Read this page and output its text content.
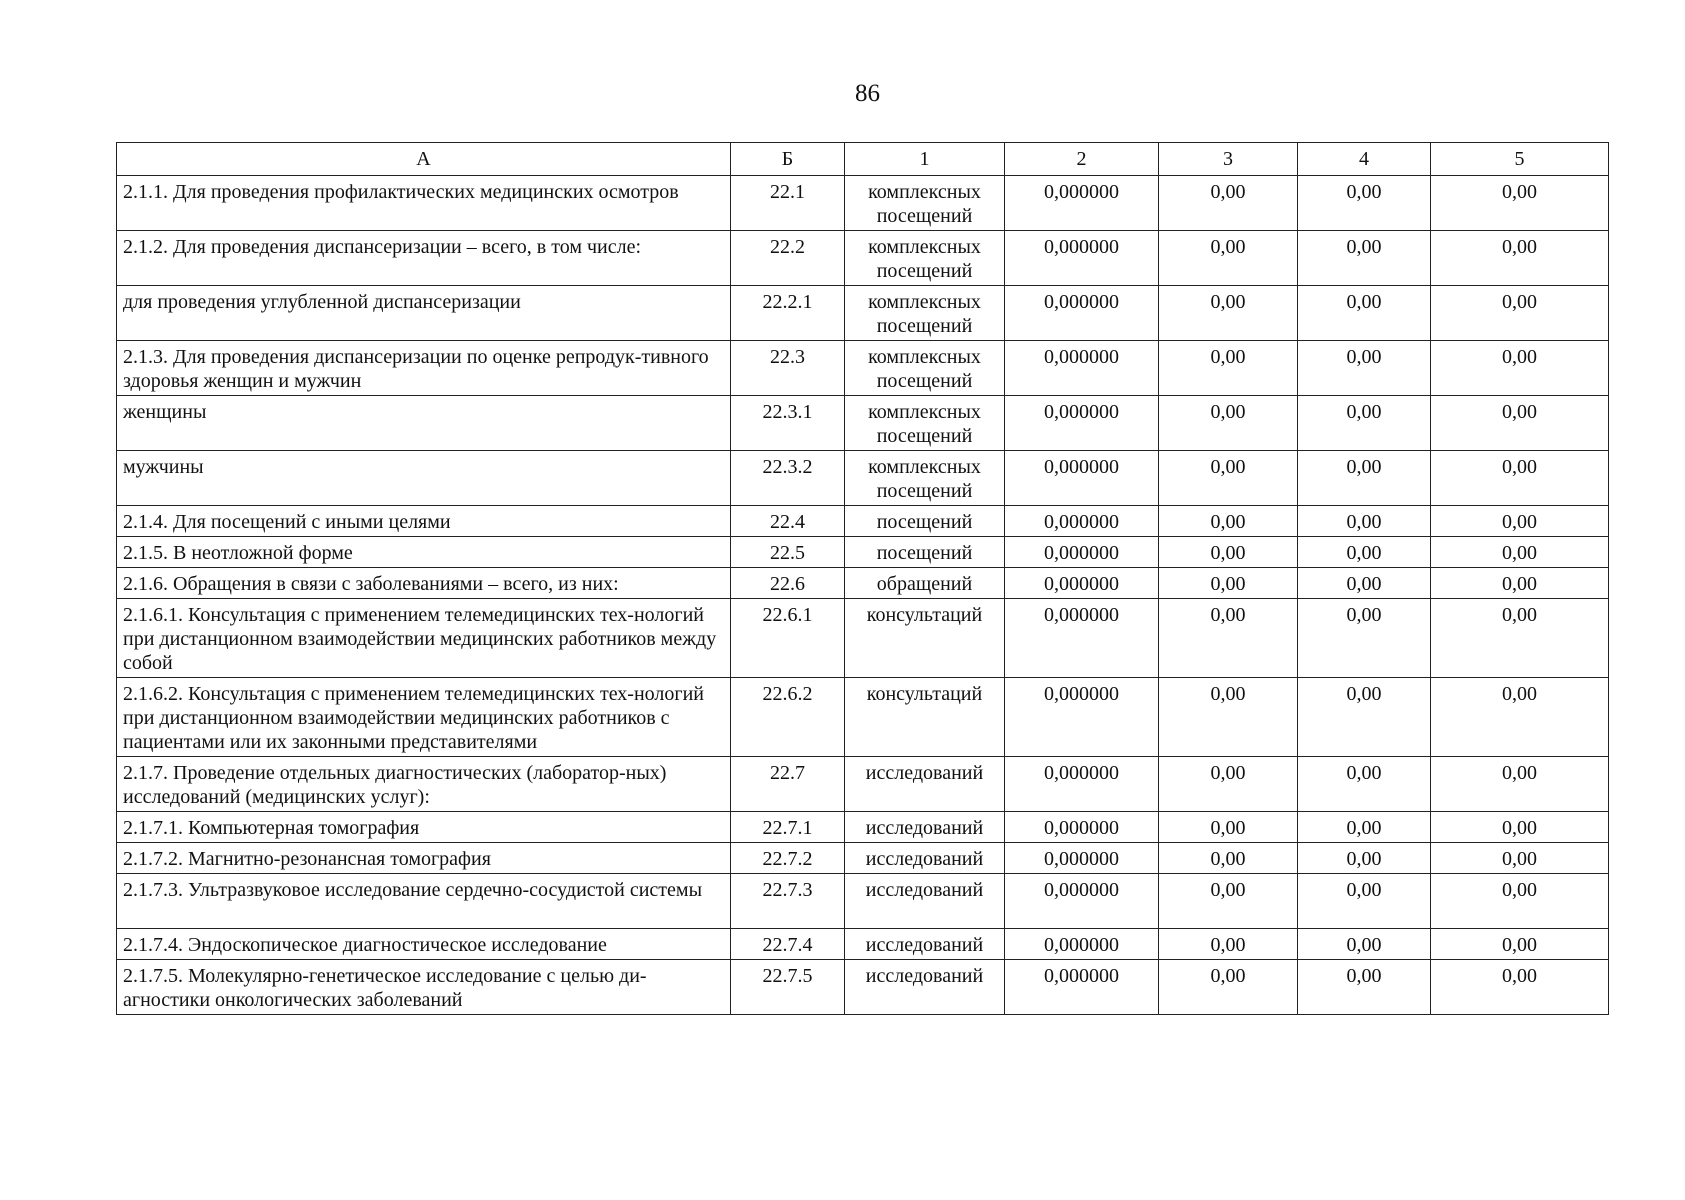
86
А	Б	1	2	3	4	5
2.1.1. Для проведения профилактических медицинских осмотров	22.1	комплексных посещений	0,000000	0,00	0,00	0,00
2.1.2. Для проведения диспансеризации – всего, в том числе:	22.2	комплексных посещений	0,000000	0,00	0,00	0,00
для проведения углубленной диспансеризации	22.2.1	комплексных посещений	0,000000	0,00	0,00	0,00
2.1.3. Для проведения диспансеризации по оценке репродук-тивного здоровья женщин и мужчин	22.3	комплексных посещений	0,000000	0,00	0,00	0,00
женщины	22.3.1	комплексных посещений	0,000000	0,00	0,00	0,00
мужчины	22.3.2	комплексных посещений	0,000000	0,00	0,00	0,00
2.1.4. Для посещений с иными целями	22.4	посещений	0,000000	0,00	0,00	0,00
2.1.5. В неотложной форме	22.5	посещений	0,000000	0,00	0,00	0,00
2.1.6. Обращения в связи с заболеваниями – всего, из них:	22.6	обращений	0,000000	0,00	0,00	0,00
2.1.6.1. Консультация с применением телемедицинских тех-нологий при дистанционном взаимодействии медицинских работников между собой	22.6.1	консультаций	0,000000	0,00	0,00	0,00
2.1.6.2. Консультация с применением телемедицинских тех-нологий при дистанционном взаимодействии медицинских работников с пациентами или их законными представителями	22.6.2	консультаций	0,000000	0,00	0,00	0,00
2.1.7. Проведение отдельных диагностических (лаборатор-ных) исследований (медицинских услуг):	22.7	исследований	0,000000	0,00	0,00	0,00
2.1.7.1. Компьютерная томография	22.7.1	исследований	0,000000	0,00	0,00	0,00
2.1.7.2. Магнитно-резонансная томография	22.7.2	исследований	0,000000	0,00	0,00	0,00
2.1.7.3. Ультразвуковое исследование сердечно-сосудистой системы	22.7.3	исследований	0,000000	0,00	0,00	0,00
2.1.7.4. Эндоскопическое диагностическое исследование	22.7.4	исследований	0,000000	0,00	0,00	0,00
2.1.7.5. Молекулярно-генетическое исследование с целью ди-агностики онкологических заболеваний	22.7.5	исследований	0,000000	0,00	0,00	0,00
